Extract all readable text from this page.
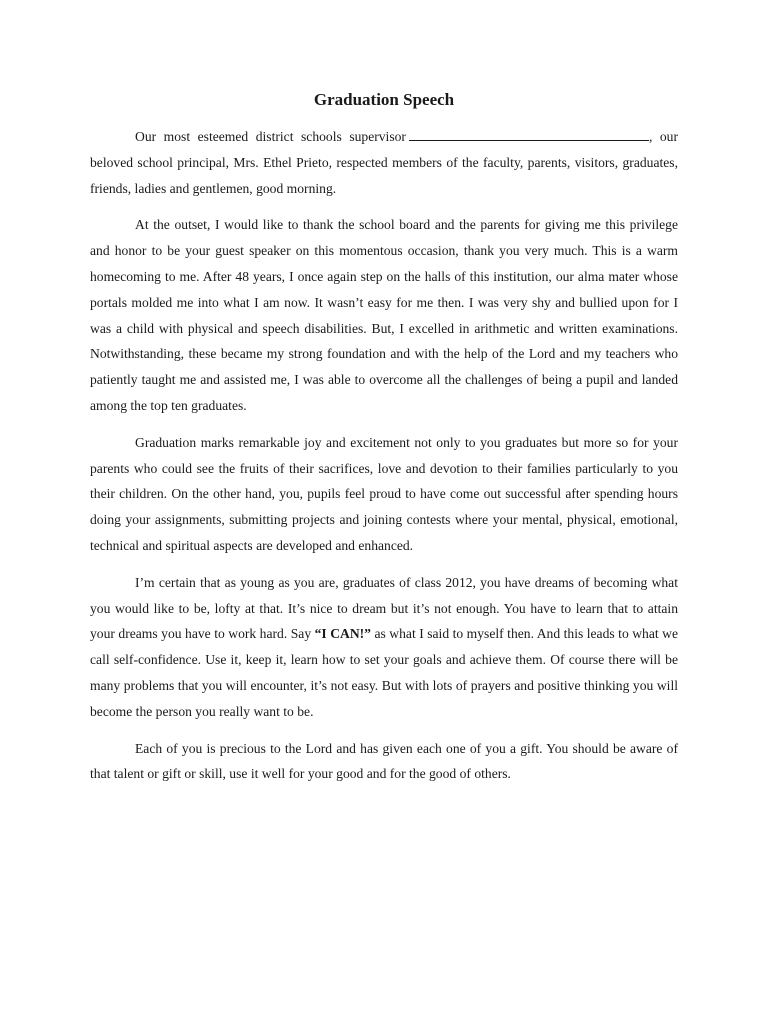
Graduation Speech

Our most esteemed district schools supervisor	, our beloved school principal, Mrs. Ethel Prieto, respected members of the faculty, parents, visitors, graduates, friends, ladies and gentlemen, good morning.

At the outset, I would like to thank the school board and the parents for giving me this privilege and honor to be your guest speaker on this momentous occasion, thank you very much. This is a warm homecoming to me. After 48 years, I once again step on the halls of this institution, our alma mater whose portals molded me into what I am now. It wasn’t easy for me then. I was very shy and bullied upon for I was a child with physical and speech disabilities. But, I excelled in arithmetic and written examinations. Notwithstanding, these became my strong foundation and with the help of the Lord and my teachers who patiently taught me and assisted me, I was able to overcome all the challenges of being a pupil and landed among the top ten graduates.

Graduation marks remarkable joy and excitement not only to you graduates but more so for your parents who could see the fruits of their sacrifices, love and devotion to their families particularly to you their children. On the other hand, you, pupils feel proud to have come out successful after spending hours doing your assignments, submitting projects and joining contests where your mental, physical, emotional, technical and spiritual aspects are developed and enhanced.

I’m certain that as young as you are, graduates of class 2012, you have dreams of becoming what you would like to be, lofty at that. It’s nice to dream but it’s not enough. You have to learn that to attain your dreams you have to work hard. Say “I CAN!” as what I said to myself then. And this leads to what we call self-confidence. Use it, keep it, learn how to set your goals and achieve them. Of course there will be many problems that you will encounter, it’s not easy. But with lots of prayers and positive thinking you will become the person you really want to be.

Each of you is precious to the Lord and has given each one of you a gift. You should be aware of that talent or gift or skill, use it well for your good and for the good of others.
